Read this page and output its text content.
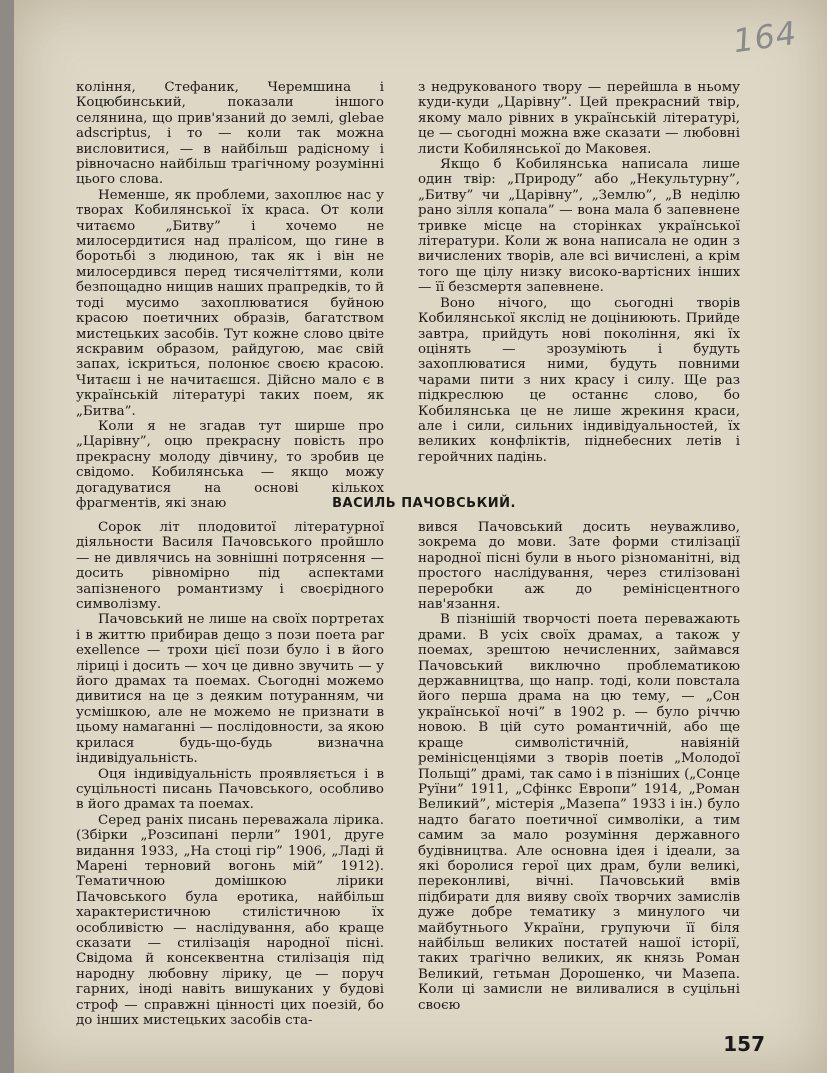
164

коління, Стефаник, Черемшина і Коцюбинський, показали іншого селянина, що прив'язаний до землі, glebae adscriptus, і то — коли так можна висловитися, — в найбільш радісному і рівночасно найбільш трагічному розумінні цього слова.

Неменше, як проблеми, захоплює нас у творах Кобилянської їх краса. От коли читаємо „Битву” і хочемо не милосердитися над пралісом, що гине в боротьбі з людиною, так як і він не милосердився перед тисячеліттями, коли безпощадно нищив наших прапредків, то й тоді мусимо захоплюватися буйною красою поетичних образів, багатством мистецьких засобів. Тут кожне слово цвіте яскравим образом, райдугою, має свій запах, іскриться, полонює своєю красою. Читаєш і не начитаєшся. Дійсно мало є в українській літературі таких поем, як „Битва”.

Коли я не згадав тут ширше про „Царівну”, оцю прекрасну повість про прекрасну молоду дівчину, то зробив це свідомо. Кобилянська — якщо можу догадуватися на основі кількох фрагментів, які знаю

з недрукованого твору — перейшла в ньому куди-куди „Царівну”. Цей прекрасний твір, якому мало рівних в українській літературі, це — сьогодні можна вже сказати — любовні листи Кобилянської до Маковея.

Якщо б Кобилянська написала лише один твір: „Природу” або „Некультурну”, „Битву” чи „Царівну”, „Землю”, „В неділю рано зілля копала” — вона мала б запевнене тривке місце на сторінках української літератури. Коли ж вона написала не один з вичислених творів, але всі вичислені, а крім того ще цілу низку високо-вартісних інших — її безсмертя запевнене.

Воно нічого, що сьогодні творів Кобилянської якслід не доціниюють. Прийде завтра, прийдуть нові покоління, які їх оцінять — зрозуміють і будуть захоплюватися ними, будуть повними чарами пити з них красу і силу. Ще раз підкреслюю це останнє слово, бо Кобилянська це не лише жрекиня краси, але і сили, сильних індивідуальностей, їх великих конфліктів, піднебесних летів і геройчних падінь.

ВАСИЛЬ ПАЧОВСЬКИЙ.

Сорок літ плодовитої літературної діяльности Василя Пачовського пройшло — не дивлячись на зовнішні потрясення — досить рівномірно під аспектами запізненого романтизму і своєрідного символізму.

Пачовський не лише на своїх портретах і в життю прибирав дещо з пози поета par exellence — трохи цієї пози було і в його ліриці і досить — хоч це дивно звучить — у його драмах та поемах. Сьогодні можемо дивитися на це з деяким потуранням, чи усмішкою, але не можемо не признати в цьому намаганні — послідовности, за якою крилася будь-що-будь визначна індивідуальність.

Оця індивідуальність проявляється і в суцільності писань Пачовського, особливо в його драмах та поемах.

Серед раніх писань переважала лірика. (Збірки „Розсипані перли” 1901, друге видання 1933, „На стоці гір” 1906, „Ладі й Марені терновий вогонь мій” 1912). Тематичною домішкою лірики Пачовського була еротика, найбільш характеристичною стилістичною їх особливістю — наслідування, або краще сказати — стилізація народної пісні. Свідома й консеквентна стилізація під народну любовну лірику, це — поруч гарних, іноді навіть вишуканих у будові строф — справжні цінності цих поезій, бо до інших мистецьких засобів ста-

вився Пачовський досить неуважливо, зокрема до мови. Зате форми стилізації народної пісні були в нього різноманітні, від простого наслідування, через стилізовані переробки аж до ремінісцентного нав'язання.

В пізнішій творчості поета переважають драми. В усіх своїх драмах, а також у поемах, зрештою нечисленних, займався Пачовський виключно проблематикою державництва, що напр. тоді, коли повстала його перша драма на цю тему, — „Сон української ночі” в 1902 р. — було річчю новою. В цій суто романтичній, або ще краще символістичній, навіяній ремінісценціями з творів поетів „Молодої Польщі” драмі, так само і в пізніших („Сонце Руїни” 1911, „Сфінкс Европи” 1914, „Роман Великий”, містерія „Мазепа” 1933 і ін.) було надто багато поетичної символіки, а тим самим за мало розуміння державного будівництва. Але основна ідея і ідеали, за які боролися герої цих драм, були великі, переконливі, вічні. Пачовський вмів підбирати для вияву своїх творчих замислів дуже добре тематику з минулого чи майбутнього України, групуючи її біля найбільш великих постатей нашої історії, таких трагічно великих, як князь Роман Великий, гетьман Дорошенко, чи Мазепа. Коли ці замисли не виливалися в суцільні своєю

157
